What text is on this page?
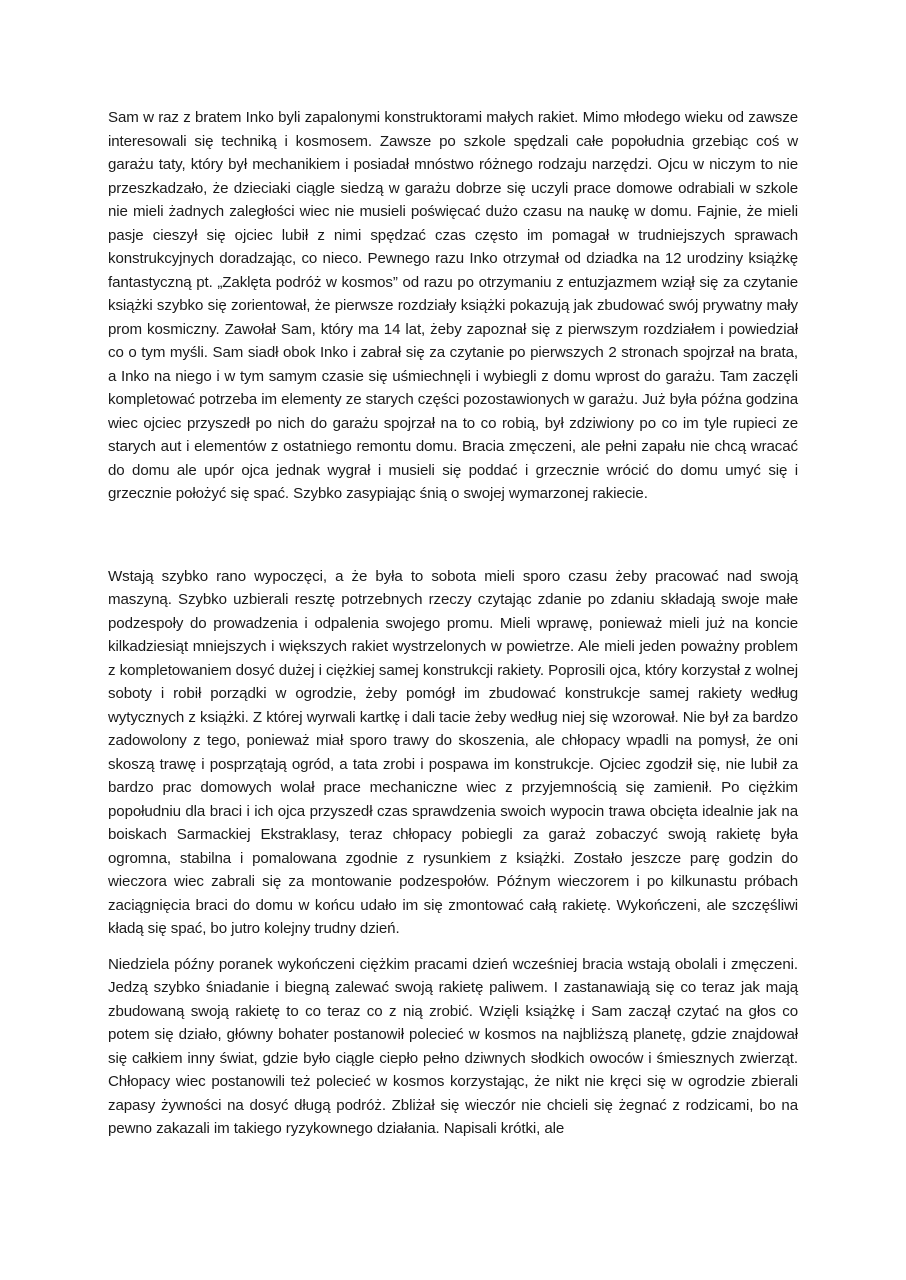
Sam w raz z bratem Inko byli zapalonymi konstruktorami małych rakiet. Mimo młodego wieku od zawsze interesowali się techniką i kosmosem. Zawsze po szkole spędzali całe popołudnia grzebiąc coś w garażu taty, który był mechanikiem i posiadał mnóstwo różnego rodzaju narzędzi. Ojcu w niczym to nie przeszkadzało, że dzieciaki ciągle siedzą w garażu dobrze się uczyli prace domowe odrabiali w szkole nie mieli żadnych zaległości wiec nie musieli poświęcać dużo czasu na naukę w domu. Fajnie, że mieli pasje cieszył się ojciec lubił z nimi spędzać czas często im pomagał w trudniejszych sprawach konstrukcyjnych doradzając, co nieco. Pewnego razu Inko otrzymał od dziadka na 12 urodziny książkę fantastyczną pt. „Zaklęta podróż w kosmos” od razu po otrzymaniu z entuzjazmem wziął się za czytanie książki szybko się zorientował, że pierwsze rozdziały książki pokazują jak zbudować swój prywatny mały prom kosmiczny. Zawołał Sam, który ma 14 lat, żeby zapoznał się z pierwszym rozdziałem i powiedział co o tym myśli. Sam siadł obok Inko i zabrał się za czytanie po pierwszych 2 stronach spojrzał na brata, a Inko na niego i w tym samym czasie się uśmiechnęli i wybiegli z domu wprost do garażu. Tam zaczęli kompletować potrzeba im elementy ze starych części pozostawionych w garażu. Już była późna godzina wiec ojciec przyszedł po nich do garażu spojrzał na to co robią, był zdziwiony po co im tyle rupieci ze starych aut i elementów z ostatniego remontu domu. Bracia zmęczeni, ale pełni zapału nie chcą wracać do domu ale upór ojca jednak wygrał i musieli się poddać i grzecznie wrócić do domu umyć się i grzecznie położyć się spać. Szybko zasypiając śnią o swojej wymarzonej rakiecie.

Wstają szybko rano wypoczęci, a że była to sobota mieli sporo czasu żeby pracować nad swoją maszyną. Szybko uzbierali resztę potrzebnych rzeczy czytając zdanie po zdaniu składają swoje małe podzespoły do prowadzenia i odpalenia swojego promu. Mieli wprawę, ponieważ mieli już na koncie kilkadziesiąt mniejszych i większych rakiet wystrzelonych w powietrze. Ale mieli jeden poważny problem z kompletowaniem dosyć dużej i ciężkiej samej konstrukcji rakiety. Poprosili ojca, który korzystał z wolnej soboty i robił porządki w ogrodzie, żeby pomógł im zbudować konstrukcje samej rakiety według wytycznych z książki. Z której wyrwali kartkę i dali tacie żeby według niej się wzorował. Nie był za bardzo zadowolony z tego, ponieważ miał sporo trawy do skoszenia, ale chłopacy wpadli na pomysł, że oni skoszą trawę i posprzątają ogród, a tata zrobi i pospawa im konstrukcje. Ojciec zgodził się, nie lubił za bardzo prac domowych wolał prace mechaniczne wiec z przyjemnością się zamienił. Po ciężkim popołudniu dla braci i ich ojca przyszedł czas sprawdzenia swoich wypocin trawa obcięta idealnie jak na boiskach Sarmackiej Ekstraklasy, teraz chłopacy pobiegli za garaż zobaczyć swoją rakietę była ogromna, stabilna i pomalowana zgodnie z rysunkiem z książki. Zostało jeszcze parę godzin do wieczora wiec zabrali się za montowanie podzespołów. Późnym wieczorem i po kilkunastu próbach zaciągnięcia braci do domu w końcu udało im się zmontować całą rakietę. Wykończeni, ale szczęśliwi kładą się spać, bo jutro kolejny trudny dzień.

Niedziela późny poranek wykończeni ciężkim pracami dzień wcześniej bracia wstają obolali i zmęczeni. Jedzą szybko śniadanie i biegną zalewać swoją rakietę paliwem. I zastanawiają się co teraz jak mają zbudowaną swoją rakietę to co teraz co z nią zrobić. Wzięli książkę i Sam zaczął czytać na głos co potem się działo, główny bohater postanowił polecieć w kosmos na najbliższą planetę, gdzie znajdował się całkiem inny świat, gdzie było ciągle ciepło pełno dziwnych słodkich owoców i śmiesznych zwierząt. Chłopacy wiec postanowili też polecieć w kosmos korzystając, że nikt nie kręci się w ogrodzie zbierali zapasy żywności na dosyć długą podróż. Zbliżał się wieczór nie chcieli się żegnać z rodzicami, bo na pewno zakazali im takiego ryzykownego działania. Napisali krótki, ale
